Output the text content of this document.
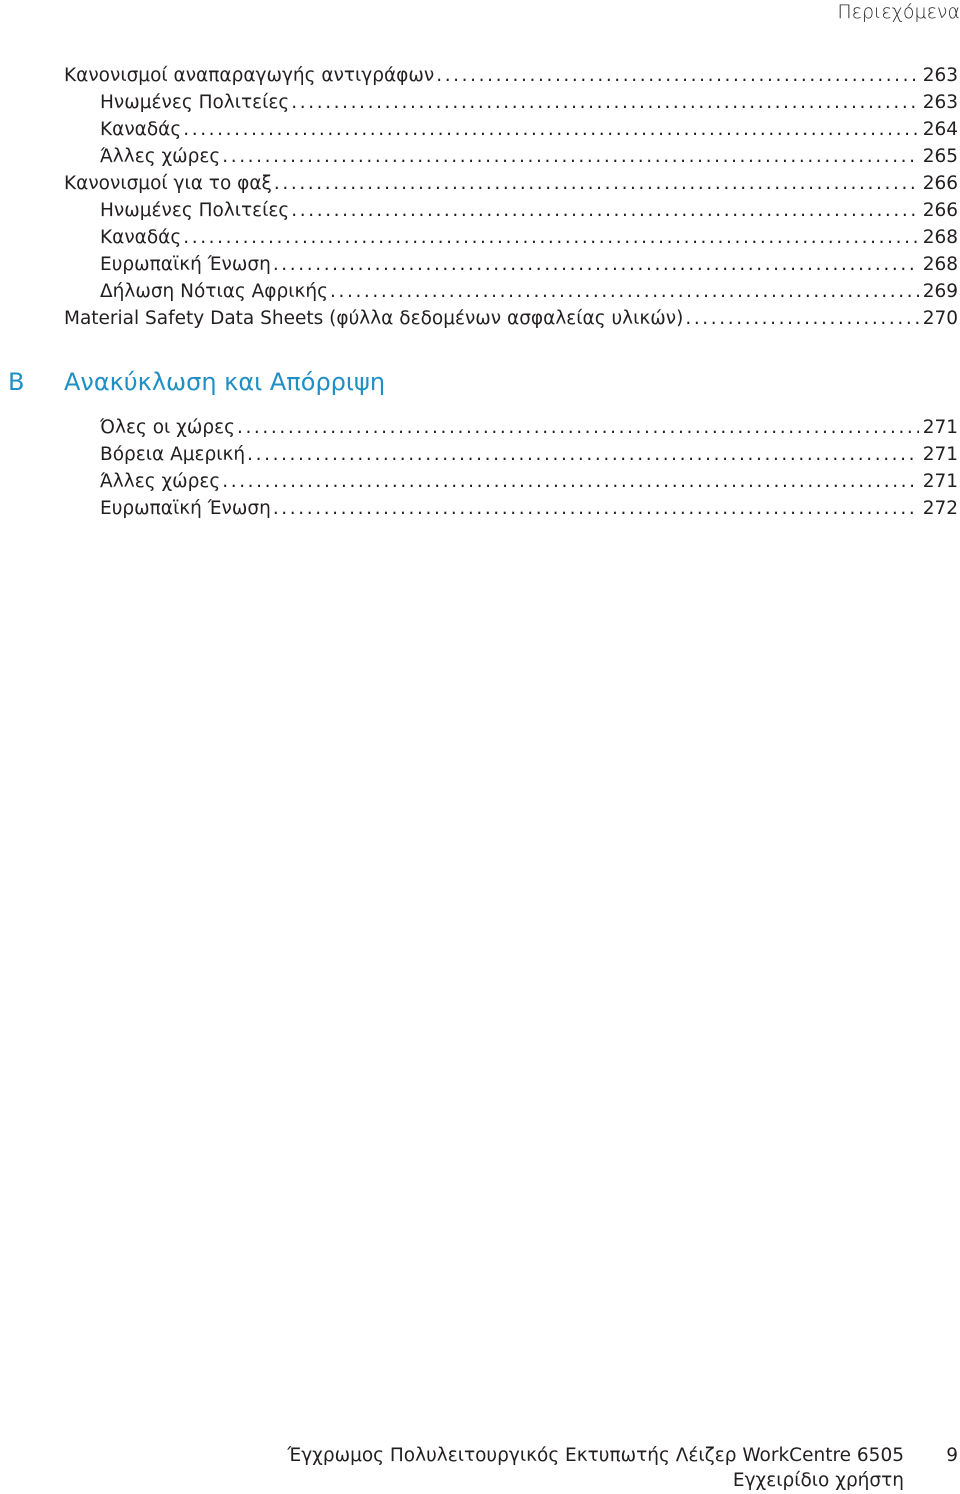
Περιεχόμενα
Κανονισμοί αναπαραγωγής αντιγράφων .....	263
Ηνωμένες Πολιτείες .....	263
Καναδάς .....	264
Άλλες χώρες .....	265
Κανονισμοί για το φαξ .....	266
Ηνωμένες Πολιτείες .....	266
Καναδάς .....	268
Ευρωπαϊκή Ένωση .....	268
Δήλωση Νότιας Αφρικής .....	269
Material Safety Data Sheets (φύλλα δεδομένων ασφαλείας υλικών) .....	270
B Ανακύκλωση και Απόρριψη
Όλες οι χώρες .....	271
Βόρεια Αμερική .....	271
Άλλες χώρες .....	271
Ευρωπαϊκή Ένωση .....	272
Έγχρωμος Πολυλειτουργικός Εκτυπωτής Λέιζερ WorkCentre 6505
Εγχειρίδιο χρήστη
9
